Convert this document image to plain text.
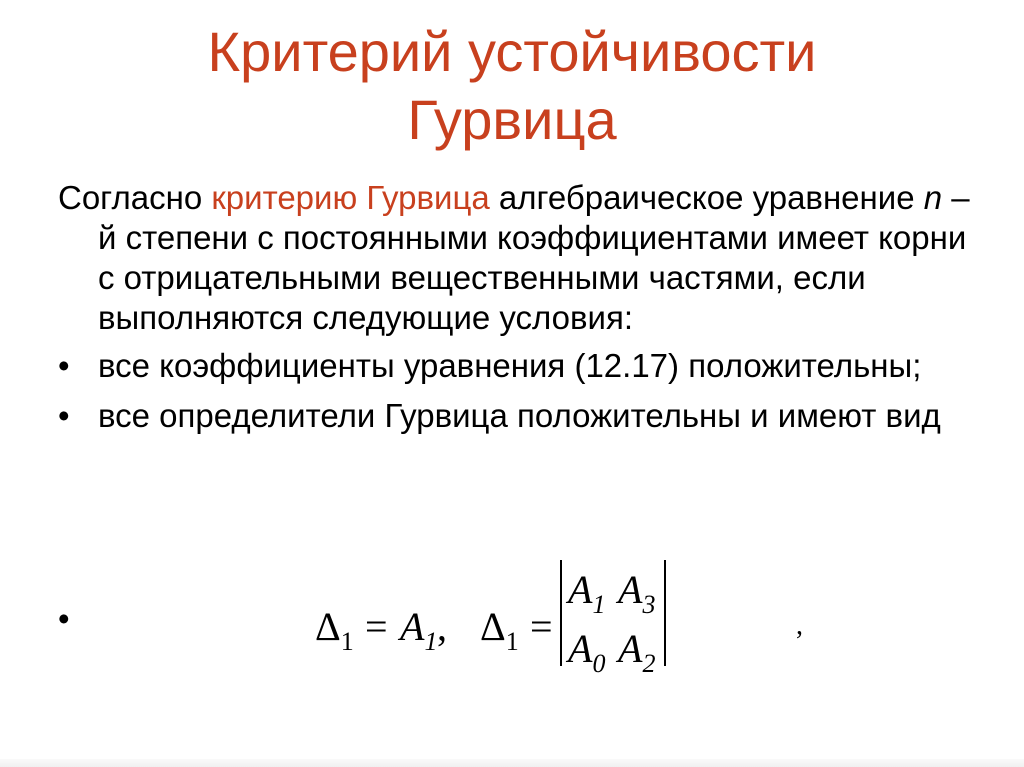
Критерий устойчивости
Гурвица

Согласно критерию Гурвица алгебраическое уравнение n – й степени с постоянными коэффициентами имеет корни с отрицательными вещественными частями, если выполняются следующие условия:

• все коэффициенты уравнения (12.17) положительны;
• все определители Гурвица положительны и имеют вид
•	$\Delta_1 = A_1$ , $\Delta_1$ =
$A_1$ $A_3$
$A_0$ $A_2$
,
